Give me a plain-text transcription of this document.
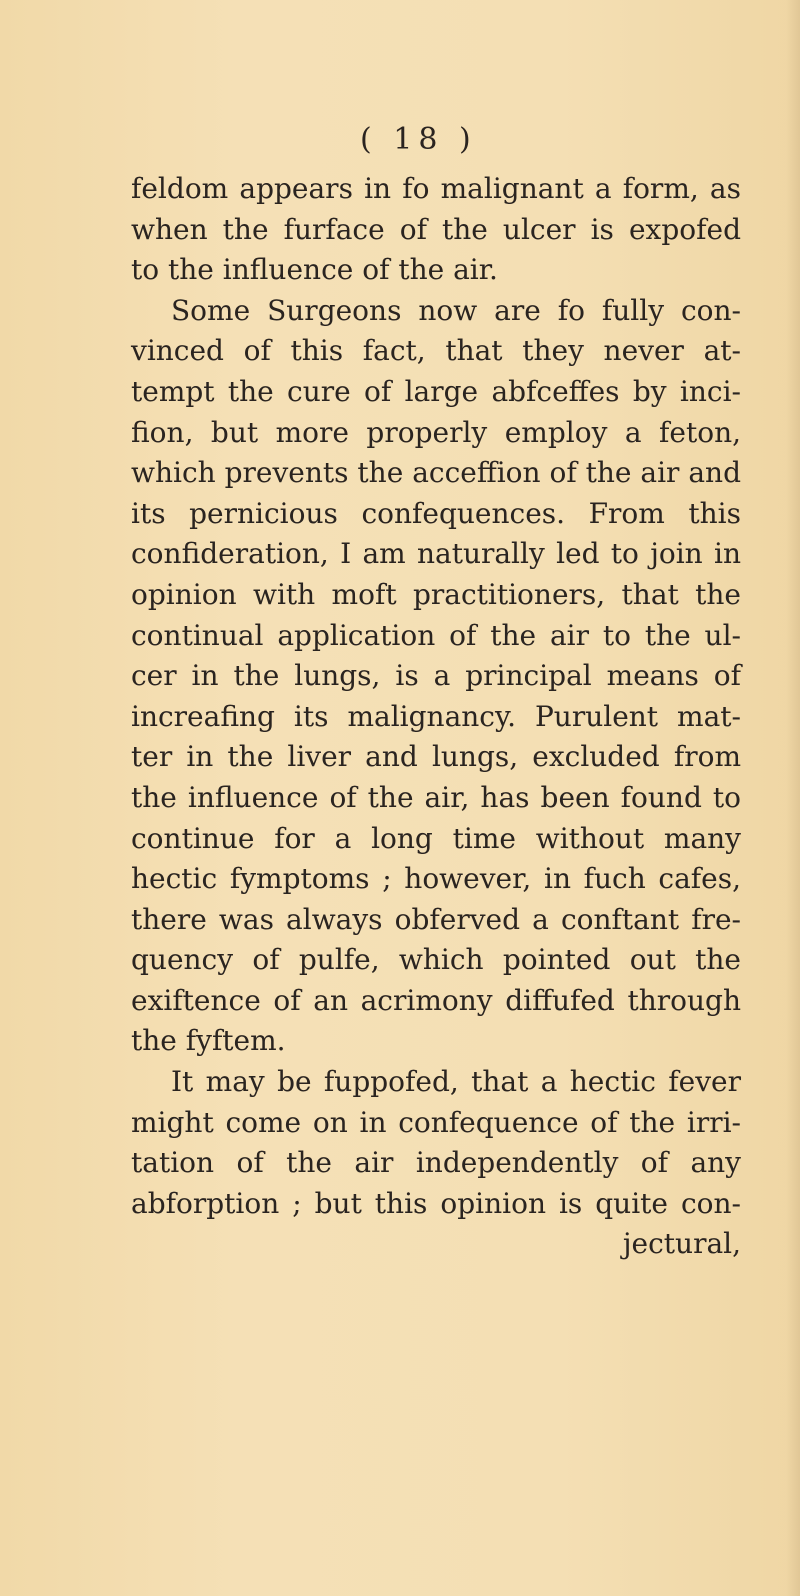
( 18 )
feldom appears in fo malignant a form, as
when the furface of the ulcer is expofed
to the influence of the air.
Some Surgeons now are fo fully con-
vinced of this fact, that they never at-
tempt the cure of large abfceffes by inci-
fion, but more properly employ a feton,
which prevents the acceffion of the air and
its pernicious confequences. From this
confideration, I am naturally led to join in
opinion with moft practitioners, that the
continual application of the air to the ul-
cer in the lungs, is a principal means of
increafing its malignancy. Purulent mat-
ter in the liver and lungs, excluded from
the influence of the air, has been found to
continue for a long time without many
hectic fymptoms ; however, in fuch cafes,
there was always obferved a conftant fre-
quency of pulfe, which pointed out the
exiftence of an acrimony diffufed through
the fyftem.
It may be fuppofed, that a hectic fever
might come on in confequence of the irri-
tation of the air independently of any
abforption ; but this opinion is quite con-
jectural,
